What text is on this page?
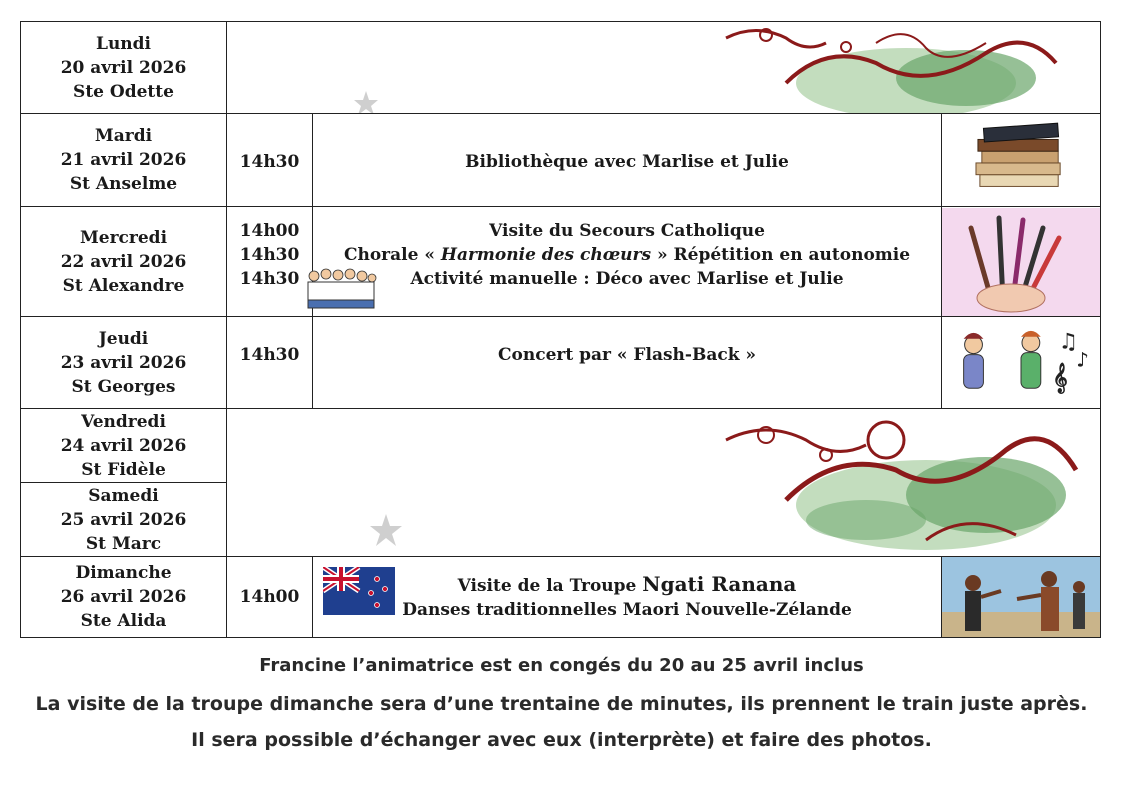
Lundi
20 avril 2026
Ste Odette
Mardi
21 avril 2026
St Anselme
14h30	Bibliothèque avec Marlise et Julie
Mercredi
22 avril 2026
St Alexandre
14h00
14h30
14h30
Visite du Secours Catholique
Chorale « Harmonie des chœurs » Répétition en autonomie
Activité manuelle : Déco avec Marlise et Julie
Jeudi
23 avril 2026
St Georges
14h30	Concert par « Flash-Back »
♫
♪
𝄞
Vendredi
24 avril 2026
St Fidèle
Samedi
25 avril 2026
St Marc
Dimanche
26 avril 2026
Ste Alida
14h00
Visite de la Troupe Ngati Ranana
Danses traditionnelles Maori Nouvelle-Zélande
Francine l’animatrice est en congés du 20 au 25 avril inclus
La visite de la troupe dimanche sera d’une trentaine de minutes, ils prennent le train juste après.
Il sera possible d’échanger avec eux (interprète) et faire des photos.
